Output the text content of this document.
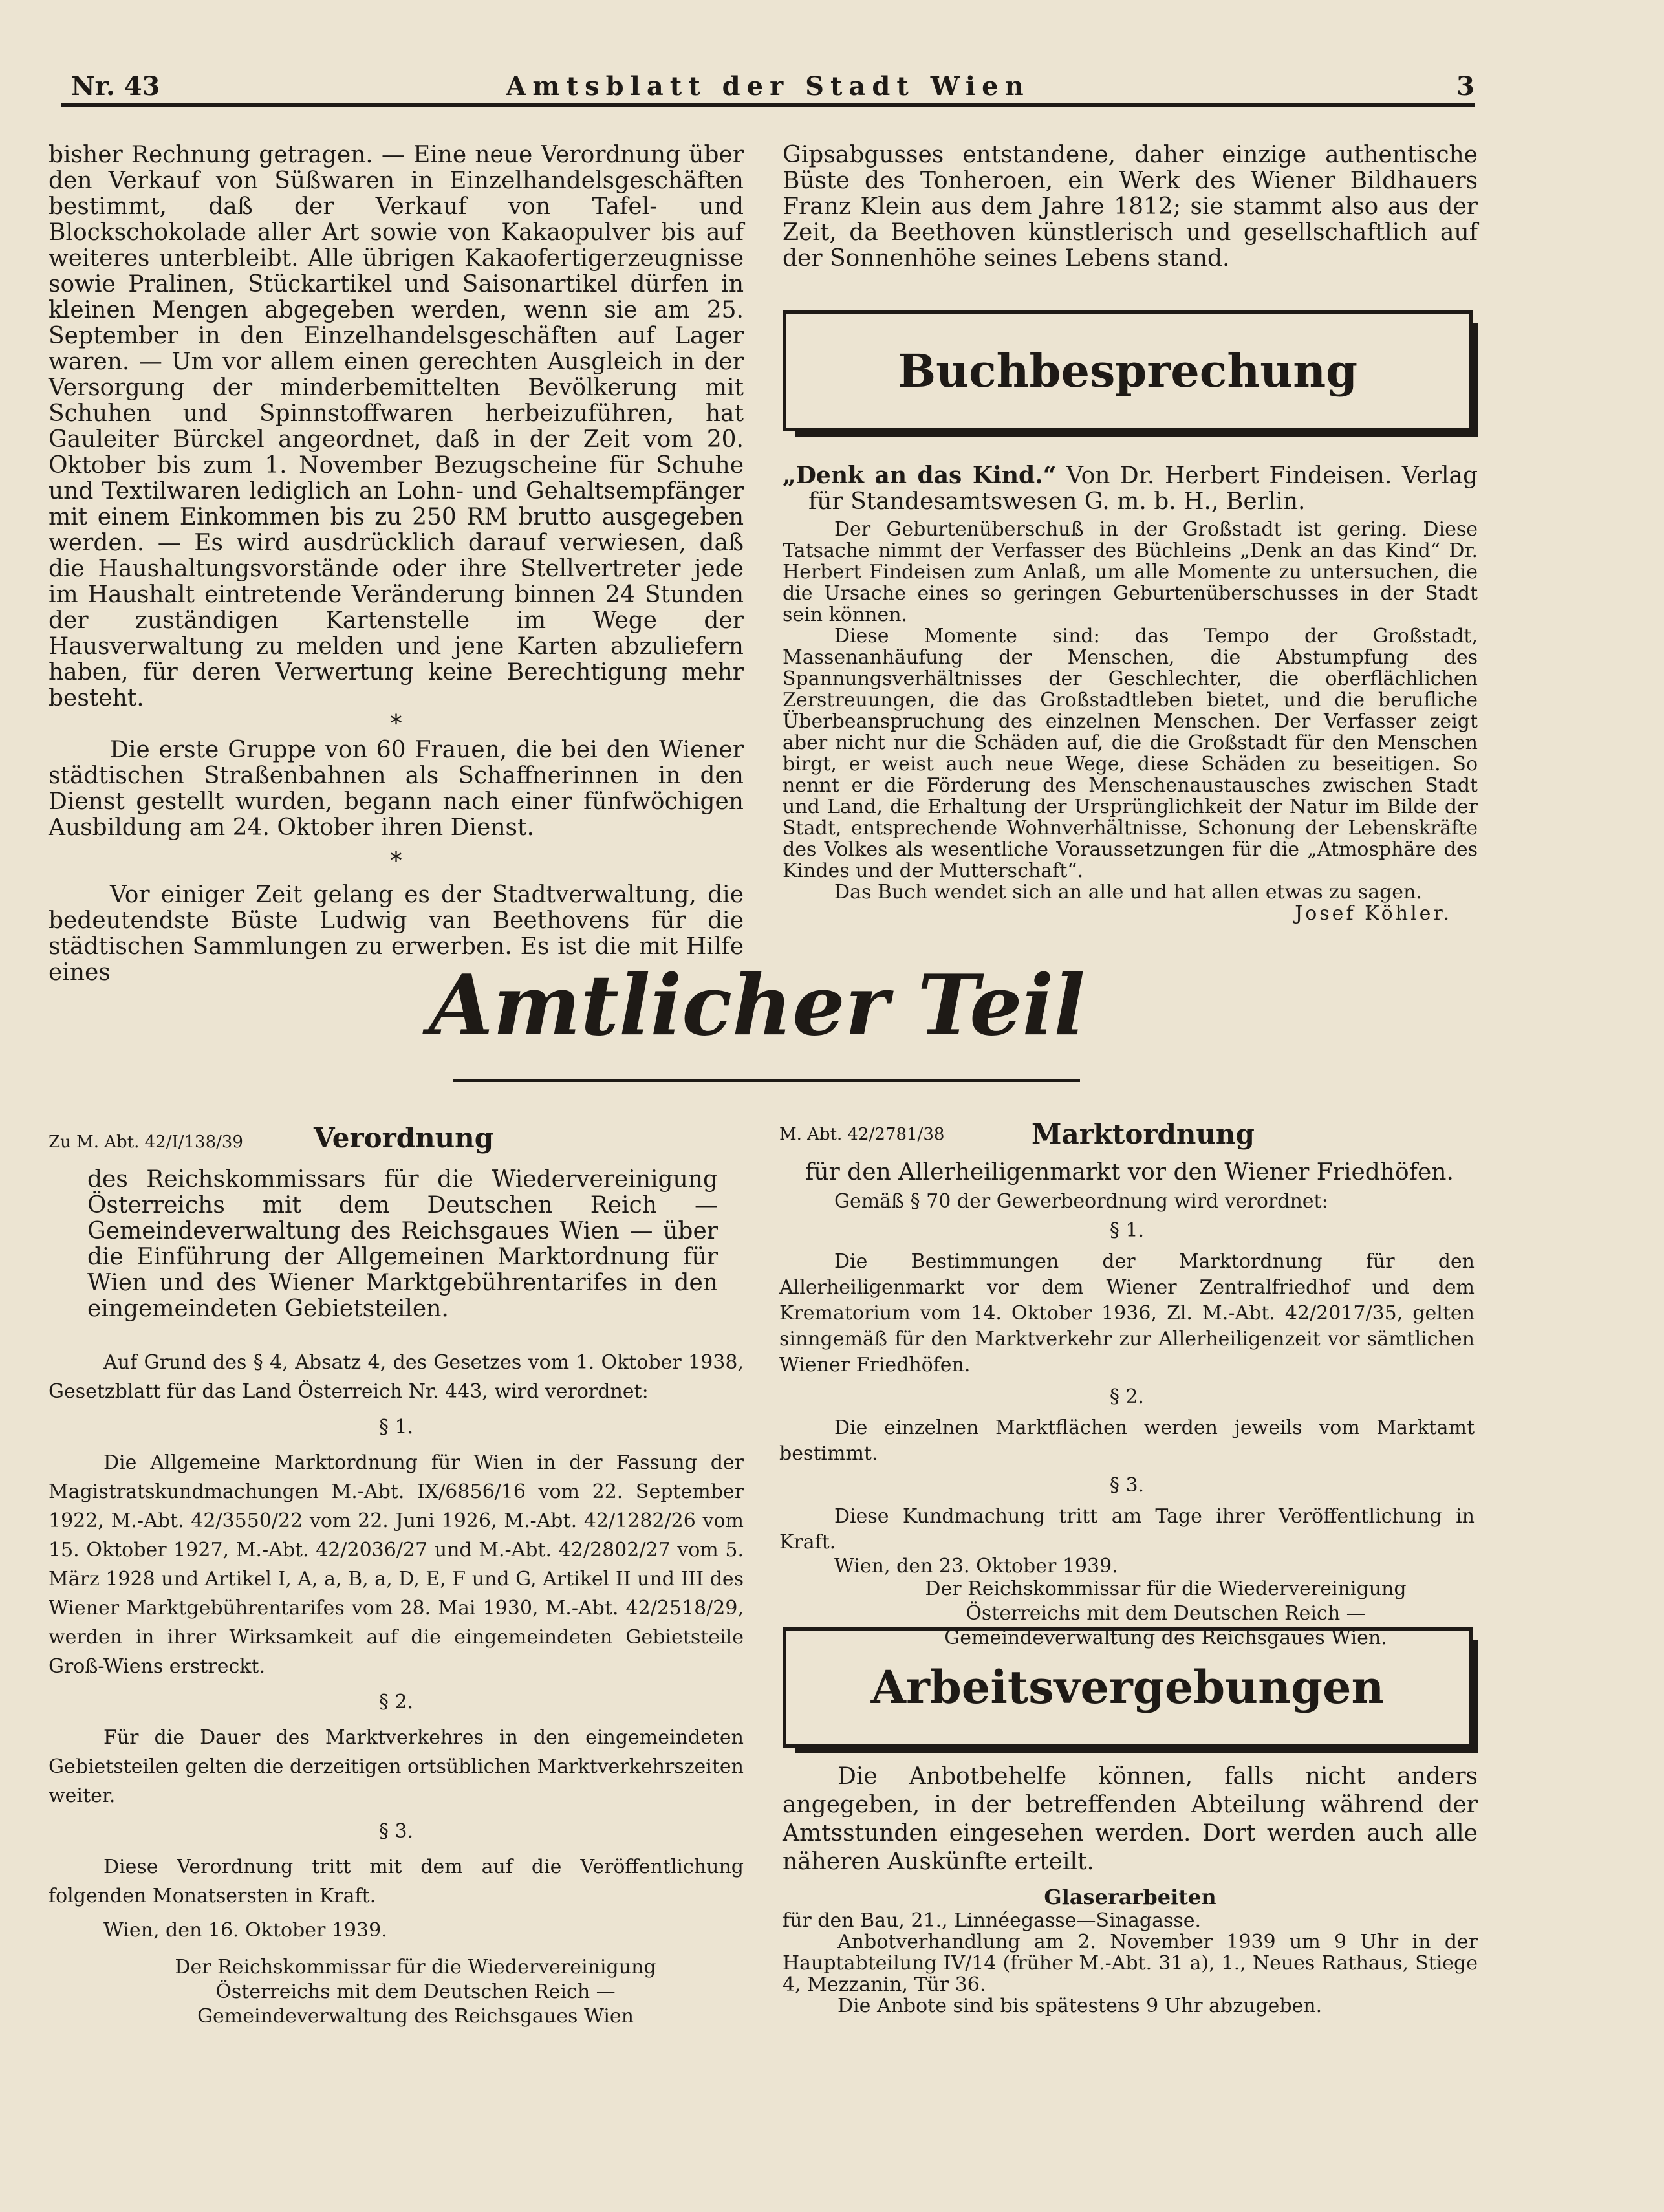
Nr. 43	Amtsblatt der Stadt Wien	3

bisher Rechnung getragen. — Eine neue Verordnung über den Verkauf von Süßwaren in Einzelhandelsgeschäften bestimmt, daß der Verkauf von Tafel- und Blockschokolade aller Art sowie von Kakaopulver bis auf weiteres unterbleibt. Alle übrigen Kakaofertigerzeugnisse sowie Pralinen, Stückartikel und Saisonartikel dürfen in kleinen Mengen abgegeben werden, wenn sie am 25. September in den Einzelhandelsgeschäften auf Lager waren. — Um vor allem einen gerechten Ausgleich in der Versorgung der minderbemittelten Bevölkerung mit Schuhen und Spinnstoffwaren herbeizuführen, hat Gauleiter Bürckel angeordnet, daß in der Zeit vom 20. Oktober bis zum 1. November Bezugscheine für Schuhe und Textilwaren lediglich an Lohn- und Gehaltsempfänger mit einem Einkommen bis zu 250 RM brutto ausgegeben werden. — Es wird ausdrücklich darauf verwiesen, daß die Haushaltungsvorstände oder ihre Stellvertreter jede im Haushalt eintretende Veränderung binnen 24 Stunden der zuständigen Kartenstelle im Wege der Hausverwaltung zu melden und jene Karten abzuliefern haben, für deren Verwertung keine Berechtigung mehr besteht.

*

Die erste Gruppe von 60 Frauen, die bei den Wiener städtischen Straßenbahnen als Schaffnerinnen in den Dienst gestellt wurden, begann nach einer fünfwöchigen Ausbildung am 24. Oktober ihren Dienst.

*

Vor einiger Zeit gelang es der Stadtverwaltung, die bedeutendste Büste Ludwig van Beethovens für die städtischen Sammlungen zu erwerben. Es ist die mit Hilfe eines

Gipsabgusses entstandene, daher einzige authentische Büste des Tonheroen, ein Werk des Wiener Bildhauers Franz Klein aus dem Jahre 1812; sie stammt also aus der Zeit, da Beethoven künstlerisch und gesellschaftlich auf der Sonnenhöhe seines Lebens stand.

Buchbesprechung

„Denk an das Kind.“ Von Dr. Herbert Findeisen. Verlag für Standesamtswesen G. m. b. H., Berlin.

Der Geburtenüberschuß in der Großstadt ist gering. Diese Tatsache nimmt der Verfasser des Büchleins „Denk an das Kind“ Dr. Herbert Findeisen zum Anlaß, um alle Momente zu untersuchen, die die Ursache eines so geringen Geburtenüberschusses in der Stadt sein können.

Diese Momente sind: das Tempo der Großstadt, Massenanhäufung der Menschen, die Abstumpfung des Spannungsverhältnisses der Geschlechter, die oberflächlichen Zerstreuungen, die das Großstadtleben bietet, und die berufliche Überbeanspruchung des einzelnen Menschen. Der Verfasser zeigt aber nicht nur die Schäden auf, die die Großstadt für den Menschen birgt, er weist auch neue Wege, diese Schäden zu beseitigen. So nennt er die Förderung des Menschenaustausches zwischen Stadt und Land, die Erhaltung der Ursprünglichkeit der Natur im Bilde der Stadt, entsprechende Wohnverhältnisse, Schonung der Lebenskräfte des Volkes als wesentliche Voraussetzungen für die „Atmosphäre des Kindes und der Mutterschaft“.

Das Buch wendet sich an alle und hat allen etwas zu sagen.

Josef Köhler.

Amtlicher Teil
Zu M. Abt. 42/I/138/39	Verordnung

des Reichskommissars für die Wiedervereinigung Österreichs mit dem Deutschen Reich — Gemeindeverwaltung des Reichsgaues Wien — über die Einführung der Allgemeinen Marktordnung für Wien und des Wiener Marktgebührentarifes in den eingemeindeten Gebietsteilen.

Auf Grund des § 4, Absatz 4, des Gesetzes vom 1. Oktober 1938, Gesetzblatt für das Land Österreich Nr. 443, wird verordnet:

§ 1.

Die Allgemeine Marktordnung für Wien in der Fassung der Magistratskundmachungen M.-Abt. IX/6856/16 vom 22. September 1922, M.-Abt. 42/3550/22 vom 22. Juni 1926, M.-Abt. 42/1282/26 vom 15. Oktober 1927, M.-Abt. 42/2036/27 und M.-Abt. 42/2802/27 vom 5. März 1928 und Artikel I, A, a, B, a, D, E, F und G, Artikel II und III des Wiener Marktgebührentarifes vom 28. Mai 1930, M.-Abt. 42/2518/29, werden in ihrer Wirksamkeit auf die eingemeindeten Gebietsteile Groß-Wiens erstreckt.

§ 2.

Für die Dauer des Marktverkehres in den eingemeindeten Gebietsteilen gelten die derzeitigen ortsüblichen Marktverkehrszeiten weiter.

§ 3.

Diese Verordnung tritt mit dem auf die Veröffentlichung folgenden Monatsersten in Kraft.

Wien, den 16. Oktober 1939.

Der Reichskommissar für die Wiedervereinigung Österreichs mit dem Deutschen Reich — Gemeindeverwaltung des Reichsgaues Wien

M. Abt. 42/2781/38	Marktordnung

für den Allerheiligenmarkt vor den Wiener Friedhöfen.

Gemäß § 70 der Gewerbeordnung wird verordnet:

§ 1.

Die Bestimmungen der Marktordnung für den Allerheiligenmarkt vor dem Wiener Zentralfriedhof und dem Krematorium vom 14. Oktober 1936, Zl. M.-Abt. 42/2017/35, gelten sinngemäß für den Marktverkehr zur Allerheiligenzeit vor sämtlichen Wiener Friedhöfen.

§ 2.

Die einzelnen Marktflächen werden jeweils vom Marktamt bestimmt.

§ 3.

Diese Kundmachung tritt am Tage ihrer Veröffentlichung in Kraft.

Wien, den 23. Oktober 1939.

Der Reichskommissar für die Wiedervereinigung Österreichs mit dem Deutschen Reich — Gemeindeverwaltung des Reichsgaues Wien.

Arbeitsvergebungen

Die Anbotbehelfe können, falls nicht anders angegeben, in der betreffenden Abteilung während der Amtsstunden eingesehen werden. Dort werden auch alle näheren Auskünfte erteilt.

Glaserarbeiten

für den Bau, 21., Linnéegasse—Sinagasse.

Anbotverhandlung am 2. November 1939 um 9 Uhr in der Hauptabteilung IV/14 (früher M.-Abt. 31 a), 1., Neues Rathaus, Stiege 4, Mezzanin, Tür 36.

Die Anbote sind bis spätestens 9 Uhr abzugeben.
